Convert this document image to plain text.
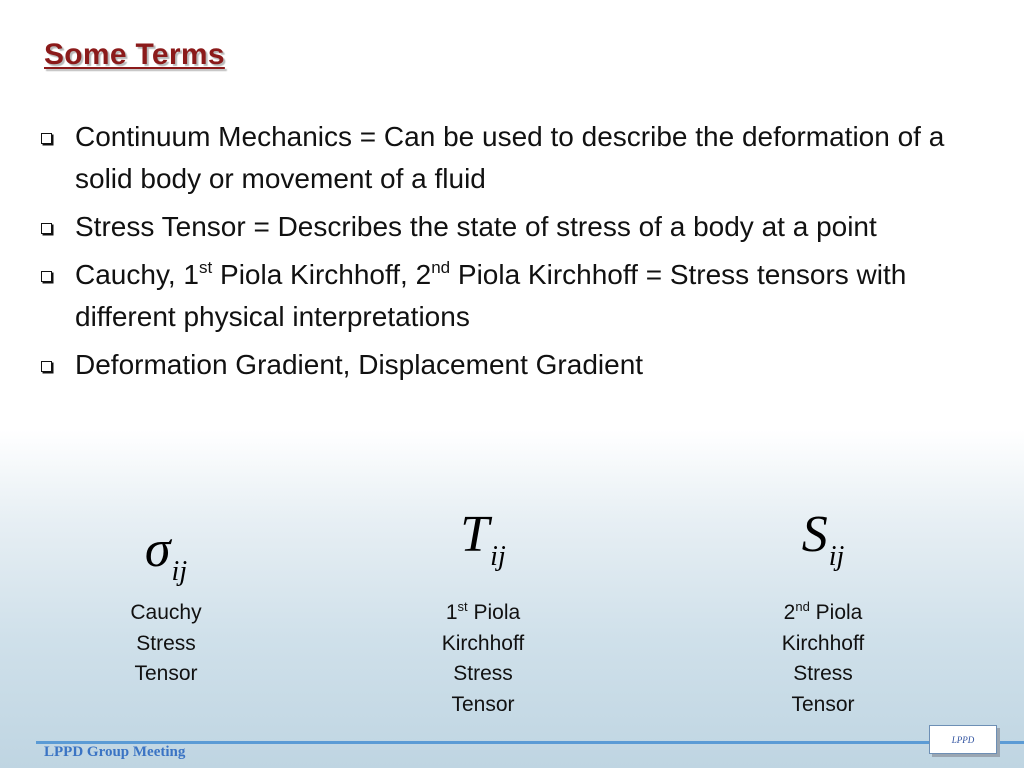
Some Terms
Continuum Mechanics = Can be used to describe the deformation of a solid body or movement of a fluid
Stress Tensor = Describes the state of stress of a body at a point
Cauchy, 1st Piola Kirchhoff, 2nd Piola Kirchhoff = Stress tensors with different physical interpretations
Deformation Gradient, Displacement Gradient
σij
Cauchy
Stress
Tensor
Tij
1st Piola
Kirchhoff
Stress
Tensor
Sij
2nd Piola
Kirchhoff
Stress
Tensor
LPPD Group Meeting
LPPD
